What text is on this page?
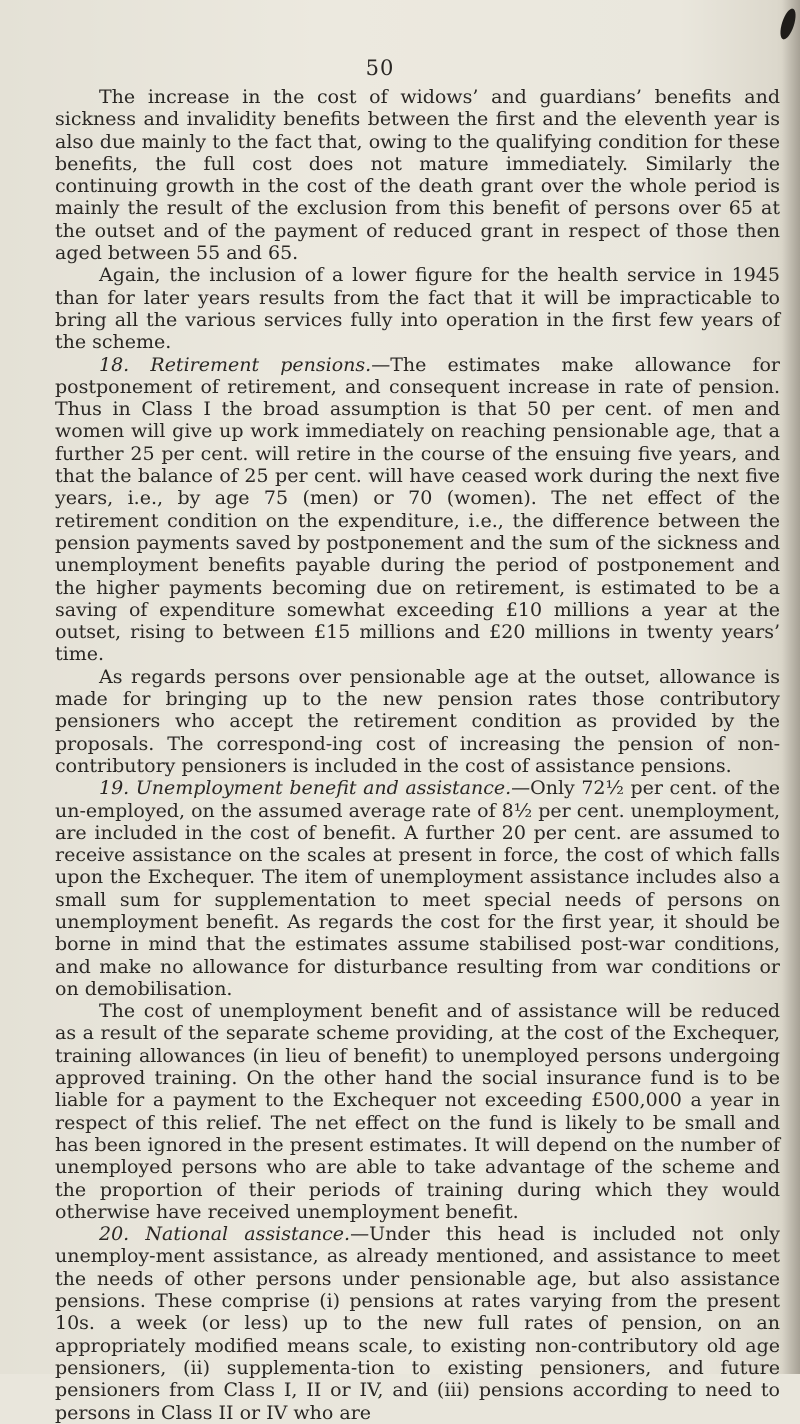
50

The increase in the cost of widows’ and guardians’ benefits and sickness and invalidity benefits between the first and the eleventh year is also due mainly to the fact that, owing to the qualifying condition for these benefits, the full cost does not mature immediately. Similarly the continuing growth in the cost of the death grant over the whole period is mainly the result of the exclusion from this benefit of persons over 65 at the outset and of the payment of reduced grant in respect of those then aged between 55 and 65.

Again, the inclusion of a lower figure for the health service in 1945 than for later years results from the fact that it will be impracticable to bring all the various services fully into operation in the first few years of the scheme.

18. Retirement pensions.—The estimates make allowance for postponement of retirement, and consequent increase in rate of pension. Thus in Class I the broad assumption is that 50 per cent. of men and women will give up work immediately on reaching pensionable age, that a further 25 per cent. will retire in the course of the ensuing five years, and that the balance of 25 per cent. will have ceased work during the next five years, i.e., by age 75 (men) or 70 (women). The net effect of the retirement condition on the expenditure, i.e., the difference between the pension payments saved by postponement and the sum of the sickness and unemployment benefits payable during the period of postponement and the higher payments becoming due on retirement, is estimated to be a saving of expenditure somewhat exceeding £10 millions a year at the outset, rising to between £15 millions and £20 millions in twenty years’ time.

As regards persons over pensionable age at the outset, allowance is made for bringing up to the new pension rates those contributory pensioners who accept the retirement condition as provided by the proposals. The correspond-ing cost of increasing the pension of non-contributory pensioners is included in the cost of assistance pensions.

19. Unemployment benefit and assistance.—Only 72½ per cent. of the un-employed, on the assumed average rate of 8½ per cent. unemployment, are included in the cost of benefit. A further 20 per cent. are assumed to receive assistance on the scales at present in force, the cost of which falls upon the Exchequer. The item of unemployment assistance includes also a small sum for supplementation to meet special needs of persons on unemployment benefit. As regards the cost for the first year, it should be borne in mind that the estimates assume stabilised post-war conditions, and make no allowance for disturbance resulting from war conditions or on demobilisation.

The cost of unemployment benefit and of assistance will be reduced as a result of the separate scheme providing, at the cost of the Exchequer, training allowances (in lieu of benefit) to unemployed persons undergoing approved training. On the other hand the social insurance fund is to be liable for a payment to the Exchequer not exceeding £500,000 a year in respect of this relief. The net effect on the fund is likely to be small and has been ignored in the present estimates. It will depend on the number of unemployed persons who are able to take advantage of the scheme and the proportion of their periods of training during which they would otherwise have received unemployment benefit.

20. National assistance.—Under this head is included not only unemploy-ment assistance, as already mentioned, and assistance to meet the needs of other persons under pensionable age, but also assistance pensions. These comprise (i) pensions at rates varying from the present 10s. a week (or less) up to the new full rates of pension, on an appropriately modified means scale, to existing non-contributory old age pensioners, (ii) supplementa-tion to existing pensioners, and future pensioners from Class I, II or IV, and (iii) pensions according to need to persons in Class II or IV who are
